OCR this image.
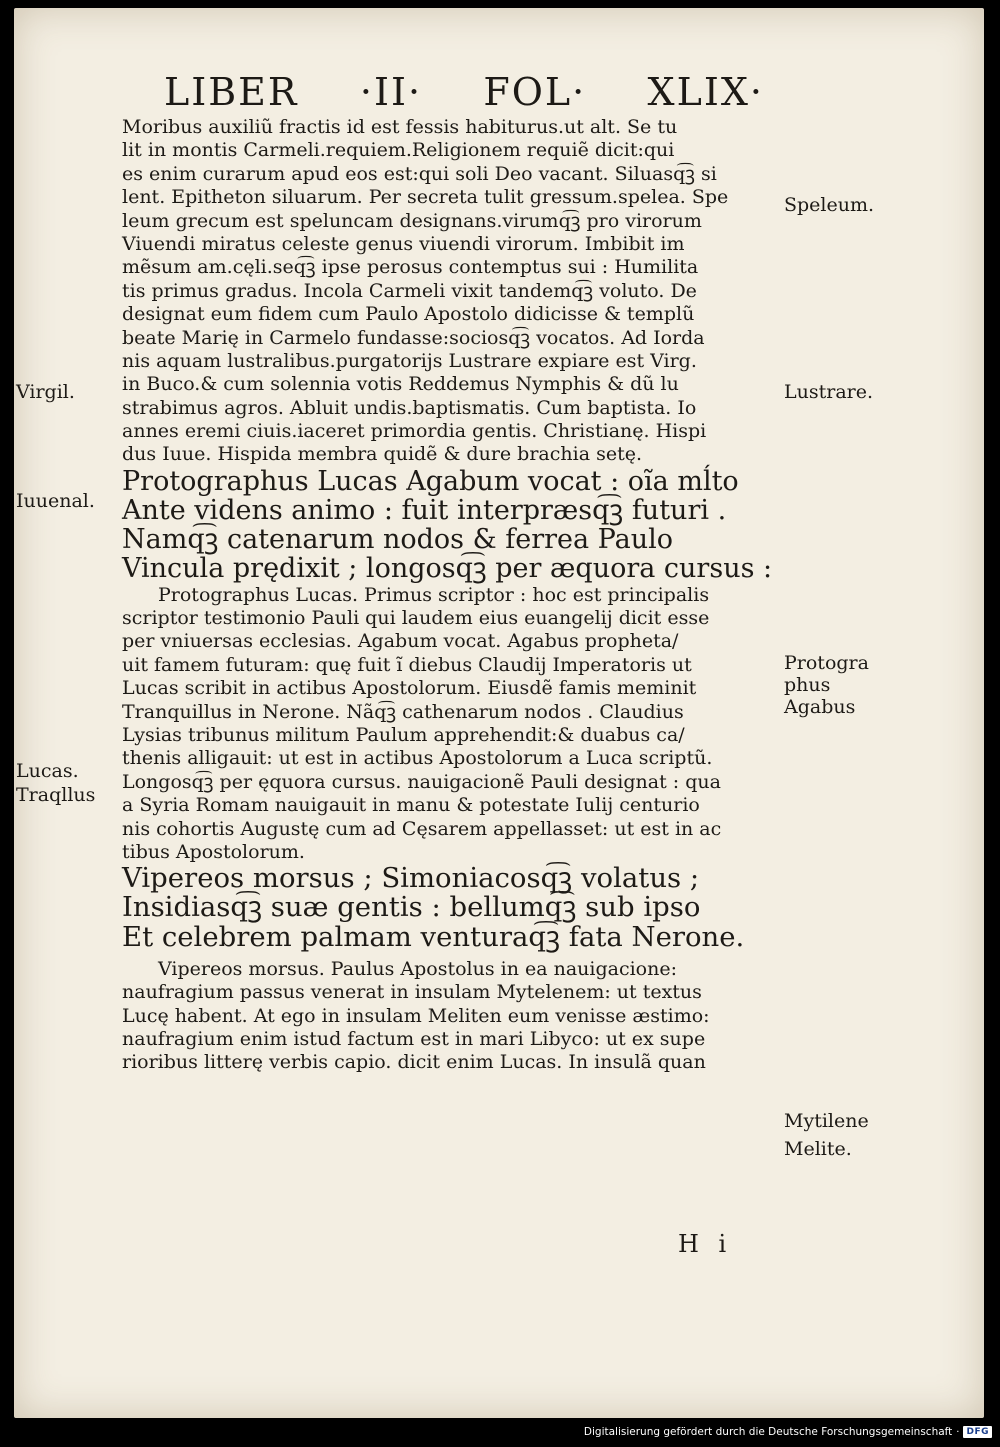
LIBER ·II· FOL· XLIX·
Moribus auxiliũ fractis id est fessis habiturus.ut alt. Se tu
lit in montis Carmeli.requiem.Religionem requiẽ dicit:qui
es enim curarum apud eos est:qui soli Deo vacant. Siluasq͡ꝫ si
lent. Epitheton siluarum. Per secreta tulit gressum.spelea. Spe
leum grecum est speluncam designans.virumq͡ꝫ pro virorum
Viuendi miratus celeste genus viuendi virorum. Imbibit im
mẽsum am.cęli.seq͡ꝫ ipse perosus contemptus sui : Humilita
tis primus gradus. Incola Carmeli vixit tandemq͡ꝫ voluto. De
designat eum fidem cum Paulo Apostolo didicisse & templũ
beate Marię in Carmelo fundasse:sociosq͡ꝫ vocatos. Ad Iorda
nis aquam lustralibus.purgatorijs Lustrare expiare est Virg.
in Buco.& cum solennia votis Reddemus Nymphis & dũ lu
strabimus agros. Abluit undis.baptismatis. Cum baptista. Io
annes eremi ciuis.iaceret primordia gentis. Christianę. Hispi
dus Iuue. Hispida membra quidẽ & dure brachia setę.
Protographus Lucas Agabum vocat : oĩa mĺto
Ante videns animo : fuit interpræsq͡ꝫ futuri .
Namq͡ꝫ catenarum nodos & ferrea Paulo
Vincula prędixit ; longosq͡ꝫ per æquora cursus :
Protographus Lucas. Primus scriptor : hoc est principalis
scriptor testimonio Pauli qui laudem eius euangelij dicit esse
per vniuersas ecclesias. Agabum vocat. Agabus propheta/
uit famem futuram: quę fuit ĩ diebus Claudij Imperatoris ut
Lucas scribit in actibus Apostolorum. Eiusdẽ famis meminit
Tranquillus in Nerone. Nãq͡ꝫ cathenarum nodos . Claudius
Lysias tribunus militum Paulum apprehendit:& duabus ca/
thenis alligauit: ut est in actibus Apostolorum a Luca scriptũ.
Longosq͡ꝫ per ęquora cursus. nauigacionẽ Pauli designat : qua
a Syria Romam nauigauit in manu & potestate Iulij centurio
nis cohortis Augustę cum ad Cęsarem appellasset: ut est in ac
tibus Apostolorum.
Vipereos morsus ; Simoniacosq͡ꝫ volatus ;
Insidiasq͡ꝫ suæ gentis : bellumq͡ꝫ sub ipso
Et celebrem palmam venturaq͡ꝫ fata Nerone.
Vipereos morsus. Paulus Apostolus in ea nauigacione:
naufragium passus venerat in insulam Mytelenem: ut textus
Lucę habent. At ego in insulam Meliten eum venisse æstimo:
naufragium enim istud factum est in mari Libyco: ut ex supe
rioribus litterę verbis capio. dicit enim Lucas. In insulã quan
Speleum.
Lustrare.
Protogra
phus
Agabus
Mytilene
Melite.
Virgil.
Iuuenal.
Lucas.
Traqllus
H i
Digitalisierung gefördert durch die Deutsche Forschungsgemeinschaft · DFG
